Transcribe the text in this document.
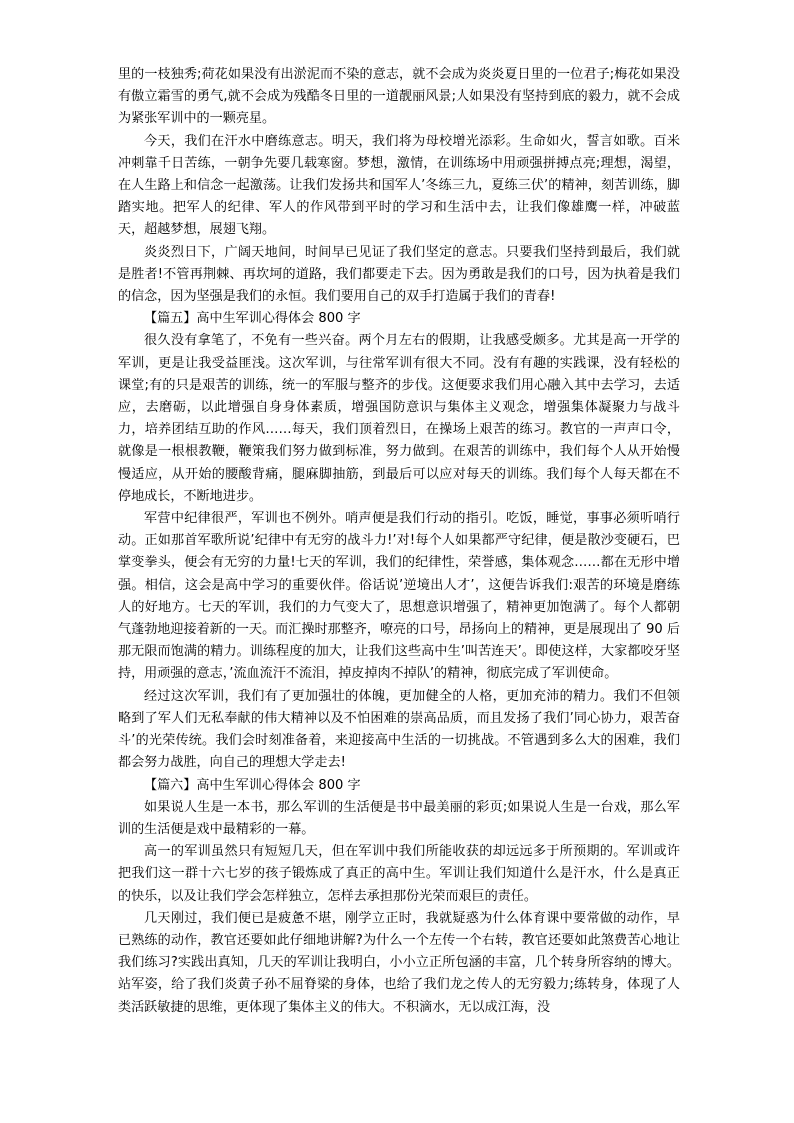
里的一枝独秀;荷花如果没有出淤泥而不染的意志，就不会成为炎炎夏日里的一位君子;梅花如果没有傲立霜雪的勇气,就不会成为残酷冬日里的一道靓丽风景;人如果没有坚持到底的毅力，就不会成为紧张军训中的一颗亮星。

今天，我们在汗水中磨练意志。明天，我们将为母校增光添彩。生命如火，誓言如歌。百米冲刺靠千日苦练，一朝争先要几载寒窗。梦想，激情，在训练场中用顽强拼搏点亮;理想，渴望，在人生路上和信念一起激荡。让我们发扬共和国军人’冬练三九，夏练三伏’的精神，刻苦训练，脚踏实地。把军人的纪律、军人的作风带到平时的学习和生活中去，让我们像雄鹰一样，冲破蓝天，超越梦想，展翅飞翔。

炎炎烈日下，广阔天地间，时间早已见证了我们坚定的意志。只要我们坚持到最后，我们就是胜者!不管再荆棘、再坎坷的道路，我们都要走下去。因为勇敢是我们的口号，因为执着是我们的信念，因为坚强是我们的永恒。我们要用自己的双手打造属于我们的青春!

【篇五】高中生军训心得体会 800 字

很久没有拿笔了，不免有一些兴奋。两个月左右的假期，让我感受颇多。尤其是高一开学的军训，更是让我受益匪浅。这次军训，与往常军训有很大不同。没有有趣的实践课，没有轻松的课堂;有的只是艰苦的训练，统一的军服与整齐的步伐。这便要求我们用心融入其中去学习，去适应，去磨砺，以此增强自身身体素质，增强国防意识与集体主义观念，增强集体凝聚力与战斗力，培养团结互助的作风……每天，我们顶着烈日，在操场上艰苦的练习。教官的一声声口令，就像是一根根教鞭，鞭策我们努力做到标准，努力做到。在艰苦的训练中，我们每个人从开始慢慢适应，从开始的腰酸背痛，腿麻脚抽筋，到最后可以应对每天的训练。我们每个人每天都在不停地成长，不断地进步。

军营中纪律很严，军训也不例外。哨声便是我们行动的指引。吃饭，睡觉，事事必须听哨行动。正如那首军歌所说’纪律中有无穷的战斗力!’对!每个人如果都严守纪律，便是散沙变硬石，巴掌变拳头，便会有无穷的力量!七天的军训，我们的纪律性，荣誉感，集体观念……都在无形中增强。相信，这会是高中学习的重要伙伴。俗话说’逆境出人才’，这便告诉我们:艰苦的环境是磨练人的好地方。七天的军训，我们的力气变大了，思想意识增强了，精神更加饱满了。每个人都朝气蓬勃地迎接着新的一天。而汇操时那整齐，嘹亮的口号，昂扬向上的精神，更是展现出了 90 后那无限而饱满的精力。训练程度的加大，让我们这些高中生’叫苦连天’。即使这样，大家都咬牙坚持，用顽强的意志，’流血流汗不流泪，掉皮掉肉不掉队’的精神，彻底完成了军训使命。

经过这次军训，我们有了更加强壮的体魄，更加健全的人格，更加充沛的精力。我们不但领略到了军人们无私奉献的伟大精神以及不怕困难的崇高品质，而且发扬了我们’同心协力，艰苦奋斗’的光荣传统。我们会时刻准备着，来迎接高中生活的一切挑战。不管遇到多么大的困难，我们都会努力战胜，向自己的理想大学走去!

【篇六】高中生军训心得体会 800 字

如果说人生是一本书，那么军训的生活便是书中最美丽的彩页;如果说人生是一台戏，那么军训的生活便是戏中最精彩的一幕。

高一的军训虽然只有短短几天，但在军训中我们所能收获的却远远多于所预期的。军训或许把我们这一群十六七岁的孩子锻炼成了真正的高中生。军训让我们知道什么是汗水，什么是真正的快乐，以及让我们学会怎样独立，怎样去承担那份光荣而艰巨的责任。

几天刚过，我们便已是疲惫不堪，刚学立正时，我就疑惑为什么体育课中要常做的动作，早已熟练的动作，教官还要如此仔细地讲解?为什么一个左传一个右转，教官还要如此煞费苦心地让我们练习?实践出真知，几天的军训让我明白，小小立正所包涵的丰富，几个转身所容纳的博大。站军姿，给了我们炎黄子孙不屈脊梁的身体，也给了我们龙之传人的无穷毅力;练转身，体现了人类活跃敏捷的思维，更体现了集体主义的伟大。不积滴水，无以成江海，没
